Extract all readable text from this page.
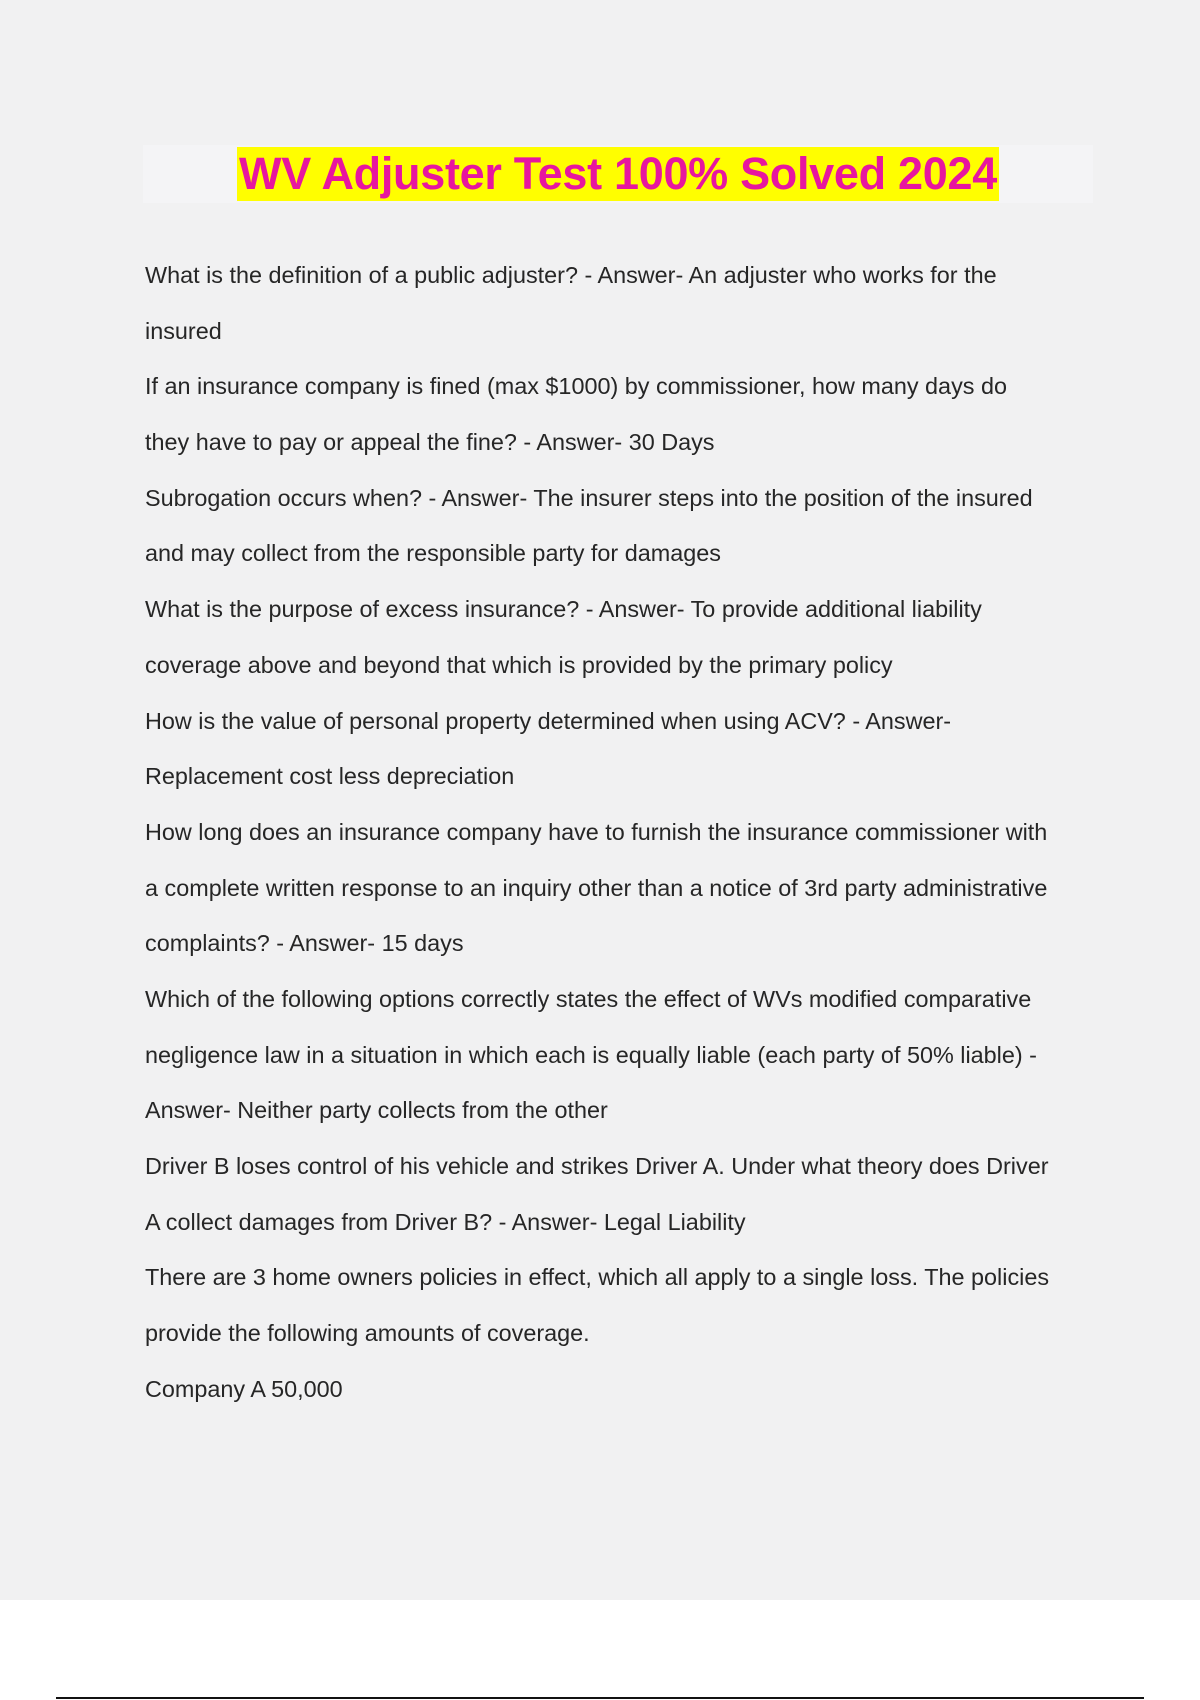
WV Adjuster Test 100% Solved 2024
What is the definition of a public adjuster? - Answer- An adjuster who works for the
insured
If an insurance company is fined (max $1000) by commissioner, how many days do
they have to pay or appeal the fine? - Answer- 30 Days
Subrogation occurs when? - Answer- The insurer steps into the position of the insured
and may collect from the responsible party for damages
What is the purpose of excess insurance? - Answer- To provide additional liability
coverage above and beyond that which is provided by the primary policy
How is the value of personal property determined when using ACV? - Answer-
Replacement cost less depreciation
How long does an insurance company have to furnish the insurance commissioner with
a complete written response to an inquiry other than a notice of 3rd party administrative
complaints? - Answer- 15 days
Which of the following options correctly states the effect of WVs modified comparative
negligence law in a situation in which each is equally liable (each party of 50% liable) -
Answer- Neither party collects from the other
Driver B loses control of his vehicle and strikes Driver A. Under what theory does Driver
A collect damages from Driver B? - Answer- Legal Liability
There are 3 home owners policies in effect, which all apply to a single loss. The policies
provide the following amounts of coverage.
Company A 50,000
